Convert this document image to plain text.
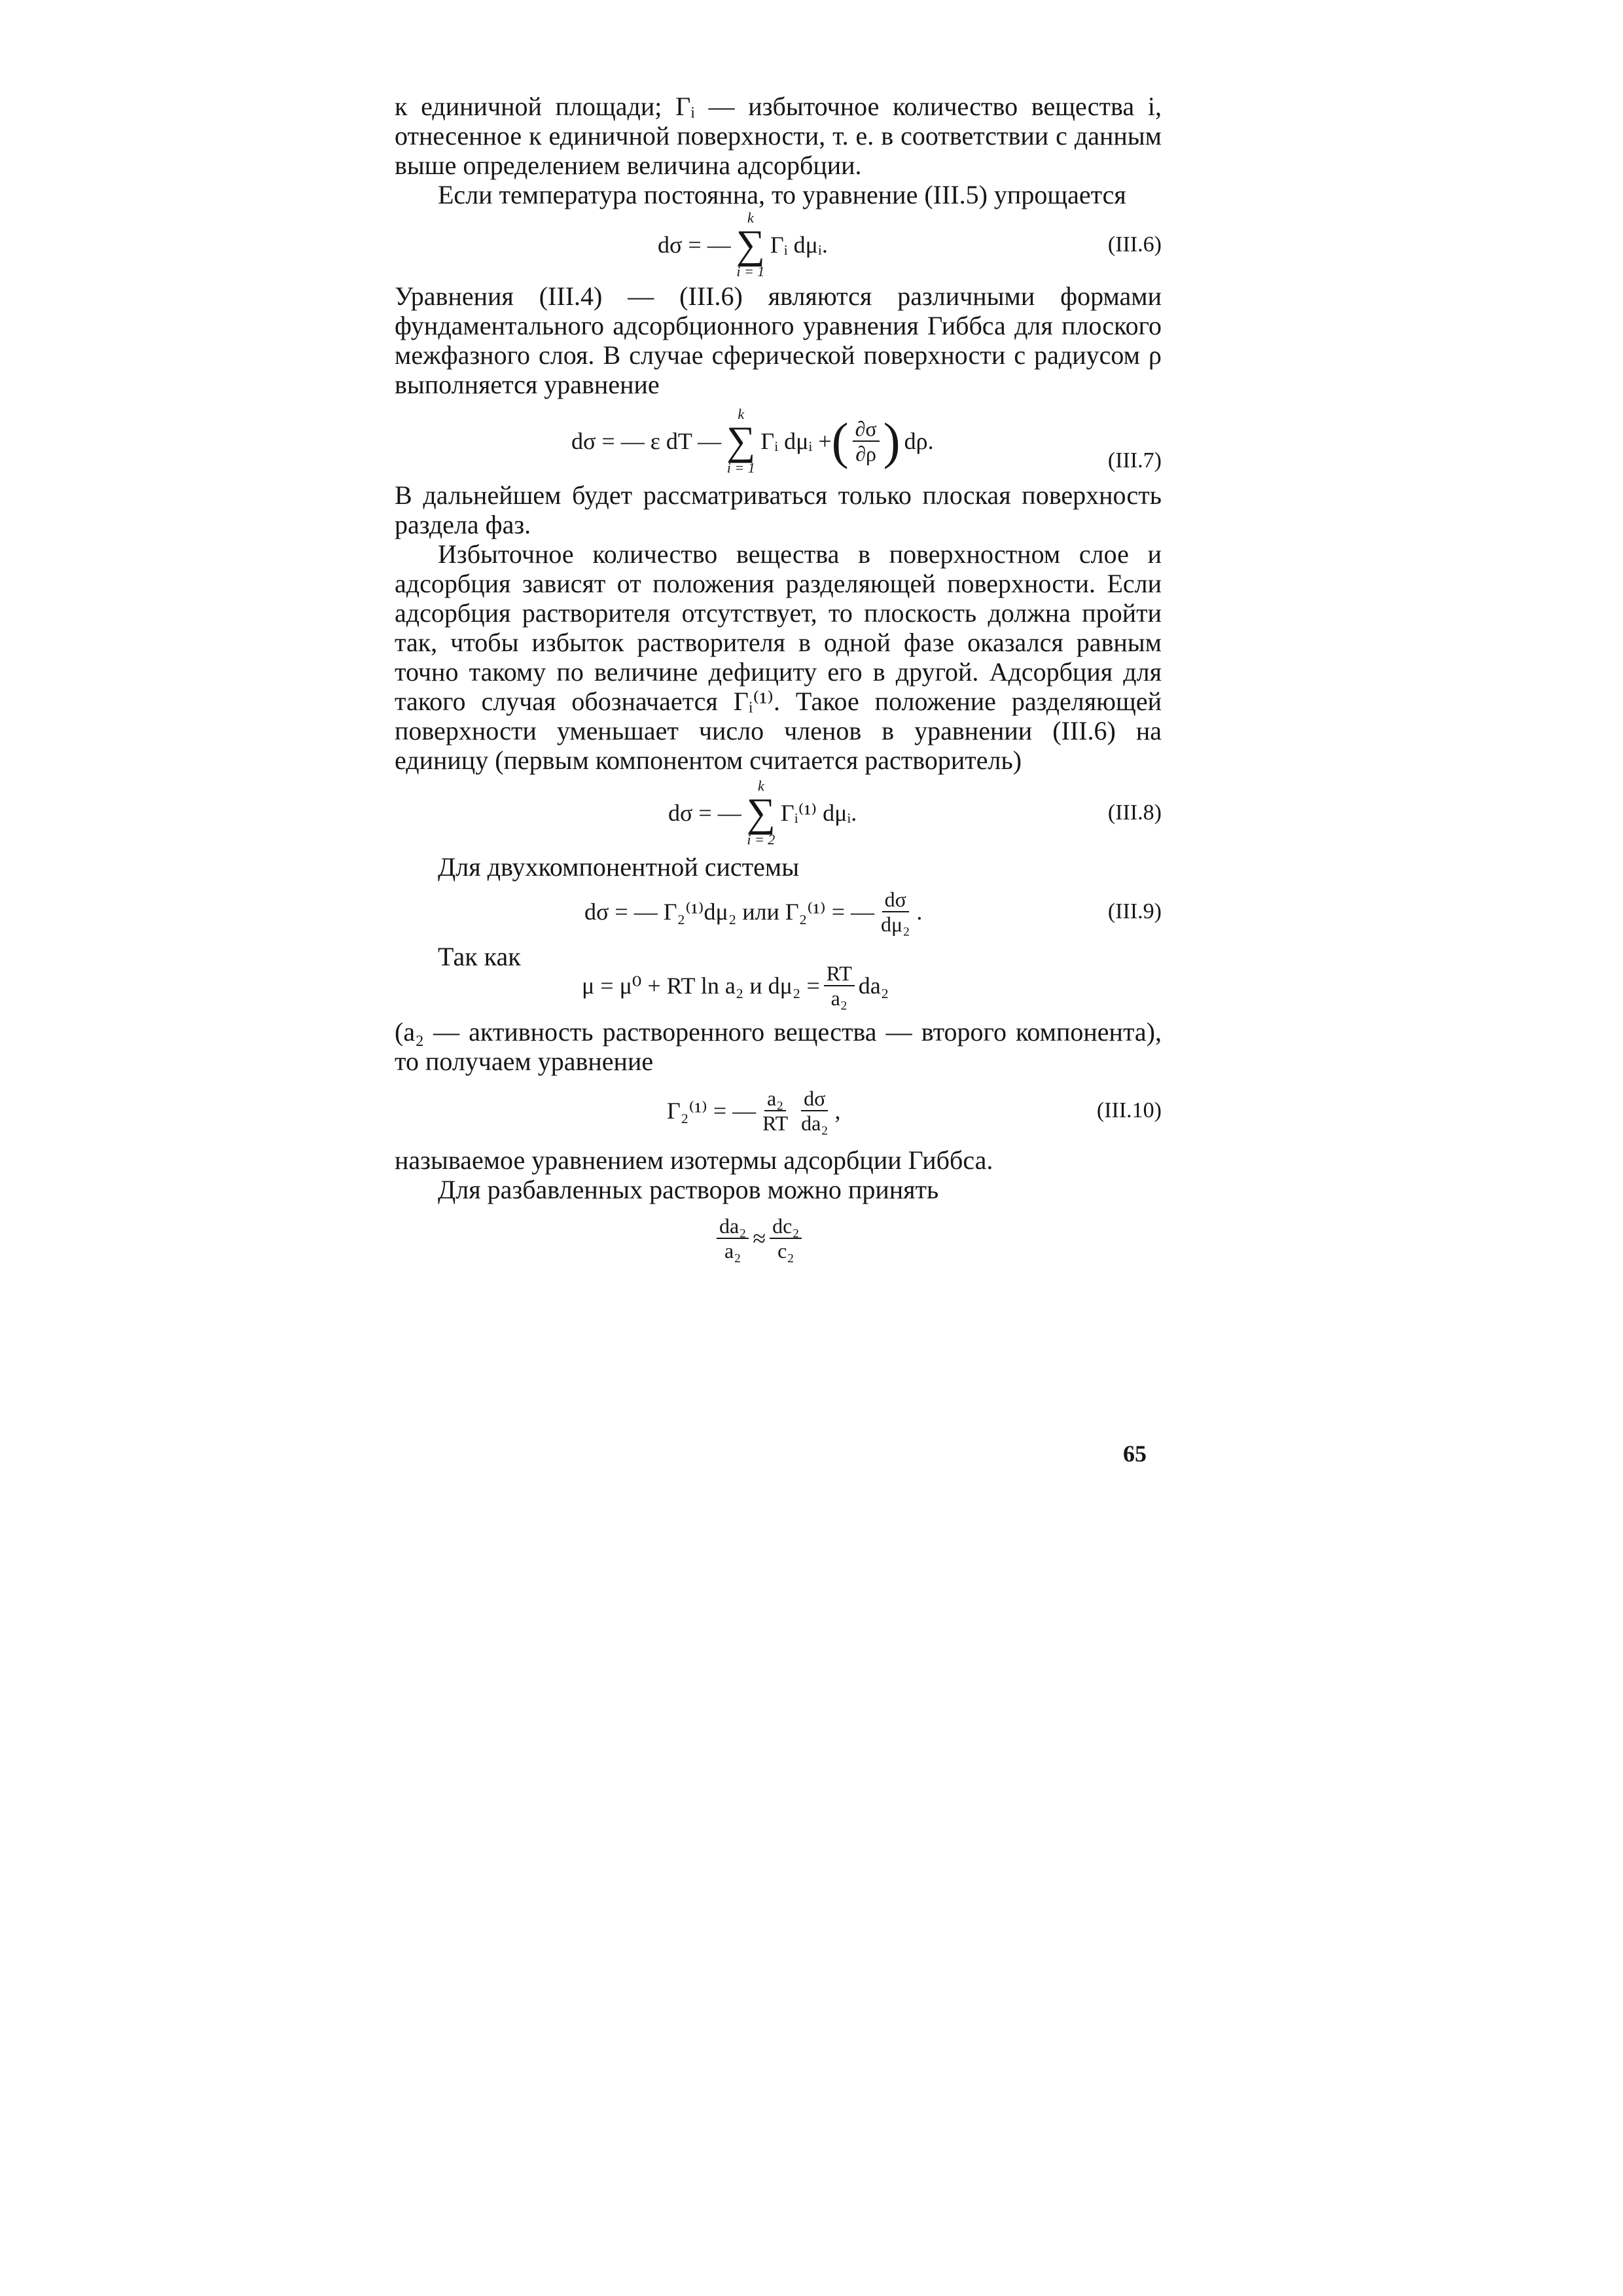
к единичной площади; Γᵢ — избыточное количество вещества i, отнесенное к единичной поверхности, т. е. в соответствии с данным выше определением величина адсорбции.

Если температура постоянна, то уравнение (III.5) упрощается

dσ = —
k
∑
i = 1
Γᵢ dμᵢ.	(III.6)

Уравнения (III.4) — (III.6) являются различными формами фундаментального адсорбционного уравнения Гиббса для плоского межфазного слоя. В случае сферической поверхности с радиусом ρ выполняется уравнение

dσ = — ε dT —
k
∑
i = 1
Γᵢ dμᵢ + ( $\frac{\partial\sigma}{\partial\rho}$ ) dρ.
(III.7)

В дальнейшем будет рассматриваться только плоская поверхность раздела фаз.

Избыточное количество вещества в поверхностном слое и адсорбция зависят от положения разделяющей поверхности. Если адсорбция растворителя отсутствует, то плоскость должна пройти так, чтобы избыток растворителя в одной фазе оказался равным точно такому по величине дефициту его в другой. Адсорбция для такого случая обозначается Γᵢ⁽¹⁾. Такое положение разделяющей поверхности уменьшает число членов в уравнении (III.6) на единицу (первым компонентом считается растворитель)

dσ = —
k
∑
i = 2
Γᵢ⁽¹⁾ dμᵢ.	(III.8)

Для двухкомпонентной системы

dσ = — Γ₂⁽¹⁾dμ₂ или Γ₂⁽¹⁾ = — $\frac{d\sigma}{\text{dμ₂}}$ .	(III.9)

Так как

μ = μ⁰ + RT ln a₂ и $d\mu_2 = \frac{RT}{\text{a₂}} da_2$

(a₂ — активность растворенного вещества — второго компонента), то получаем уравнение

Γ₂⁽¹⁾ = — $\frac{\text{a₂}}{RT} \frac{d\sigma}{\text{da₂}}$ ,	(III.10)

называемое уравнением изотермы адсорбции Гиббса.

Для разбавленных растворов можно принять

$\frac{\text{da₂}}{\text{a₂}} \approx \frac{\text{dc₂}}{\text{c₂}}$
65
